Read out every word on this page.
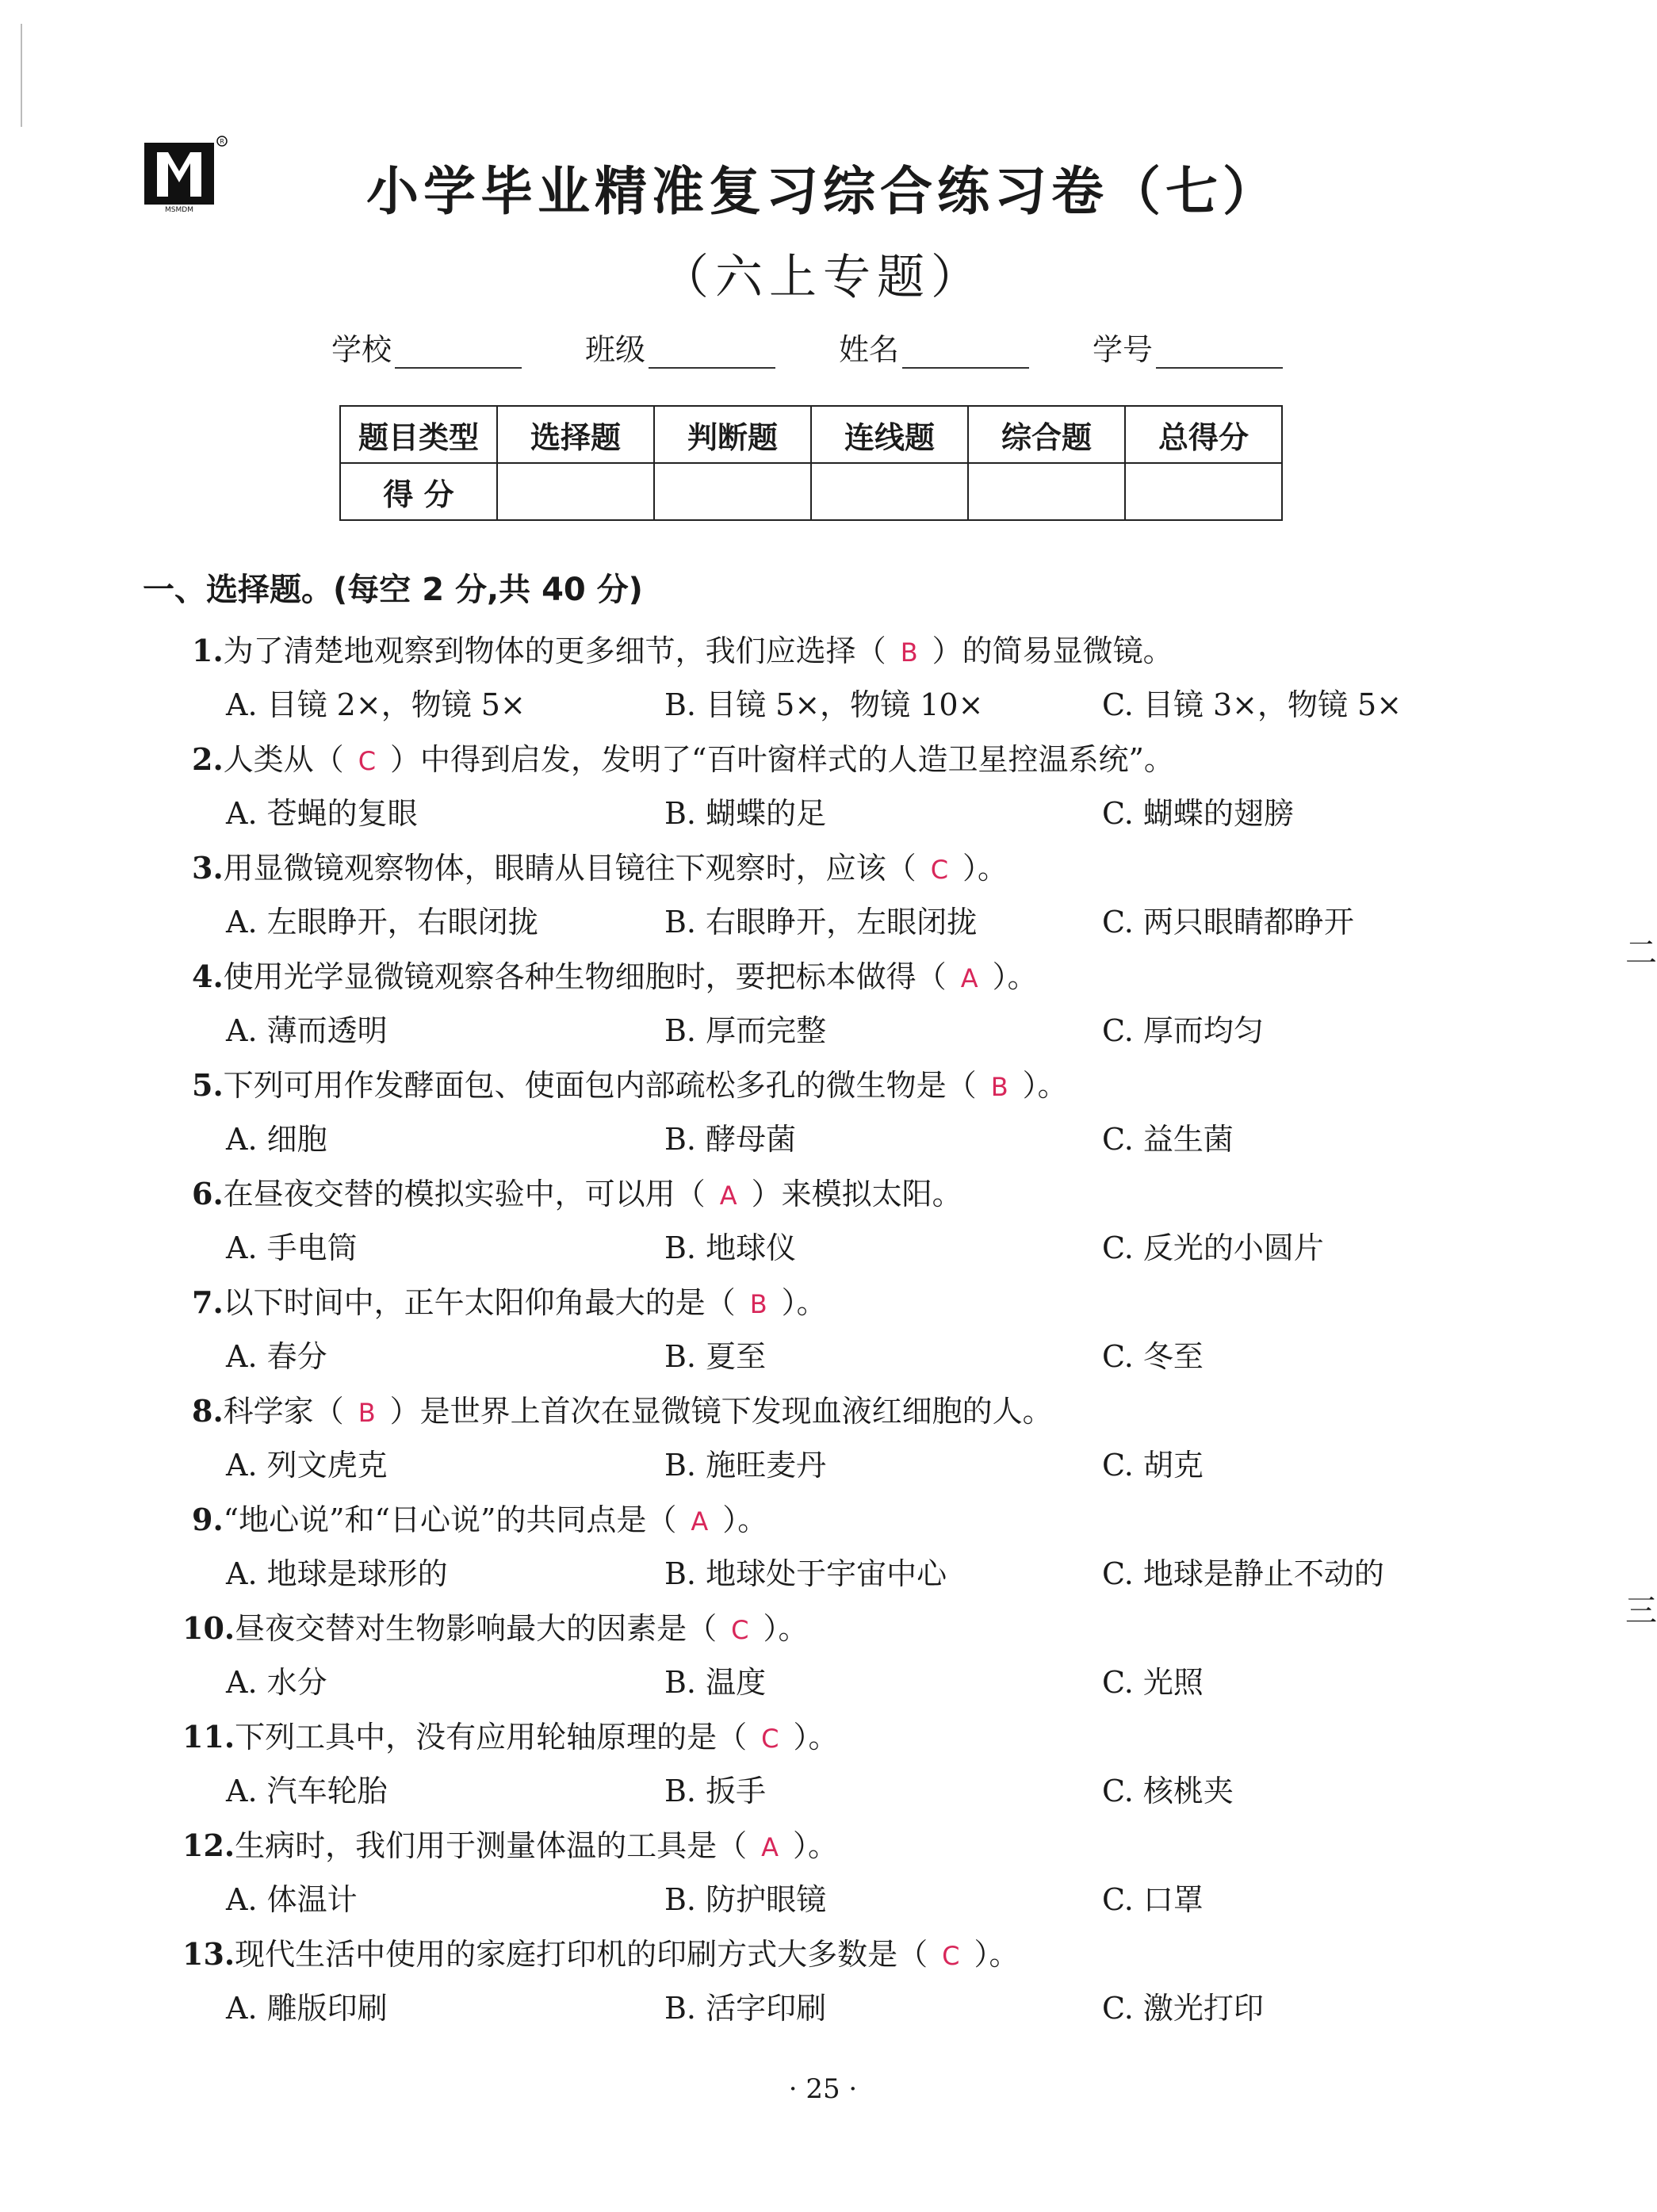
R
MSMDM	小学毕业精准复习综合练习卷（七）
（六上专题）
学校	班级	姓名	学号
题目类型	选择题	判断题	连线题	综合题	总得分
得 分					
一、选择题。(每空 2 分,共 40 分)
1.为了清楚地观察到物体的更多细节，我们应选择（ B ）的简易显微镜。
A. 目镜 2×，物镜 5×	B. 目镜 5×，物镜 10×	C. 目镜 3×，物镜 5×
2.人类从（ C ）中得到启发，发明了“百叶窗样式的人造卫星控温系统”。
A. 苍蝇的复眼	B. 蝴蝶的足	C. 蝴蝶的翅膀
3.用显微镜观察物体，眼睛从目镜往下观察时，应该（ C ）。
A. 左眼睁开，右眼闭拢	B. 右眼睁开，左眼闭拢	C. 两只眼睛都睁开
4.使用光学显微镜观察各种生物细胞时，要把标本做得（ A ）。
A. 薄而透明	B. 厚而完整	C. 厚而均匀
5.下列可用作发酵面包、使面包内部疏松多孔的微生物是（ B ）。
A. 细胞	B. 酵母菌	C. 益生菌
6.在昼夜交替的模拟实验中，可以用（ A ）来模拟太阳。
A. 手电筒	B. 地球仪	C. 反光的小圆片
7.以下时间中，正午太阳仰角最大的是（ B ）。
A. 春分	B. 夏至	C. 冬至
8.科学家（ B ）是世界上首次在显微镜下发现血液红细胞的人。
A. 列文虎克	B. 施旺麦丹	C. 胡克
9.“地心说”和“日心说”的共同点是（ A ）。
A. 地球是球形的	B. 地球处于宇宙中心	C. 地球是静止不动的
10.昼夜交替对生物影响最大的因素是（ C ）。
A. 水分	B. 温度	C. 光照
11.下列工具中，没有应用轮轴原理的是（ C ）。
A. 汽车轮胎	B. 扳手	C. 核桃夹
12.生病时，我们用于测量体温的工具是（ A ）。
A. 体温计	B. 防护眼镜	C. 口罩
13.现代生活中使用的家庭打印机的印刷方式大多数是（ C ）。
A. 雕版印刷	B. 活字印刷	C. 激光打印
· 25 ·
二
三
